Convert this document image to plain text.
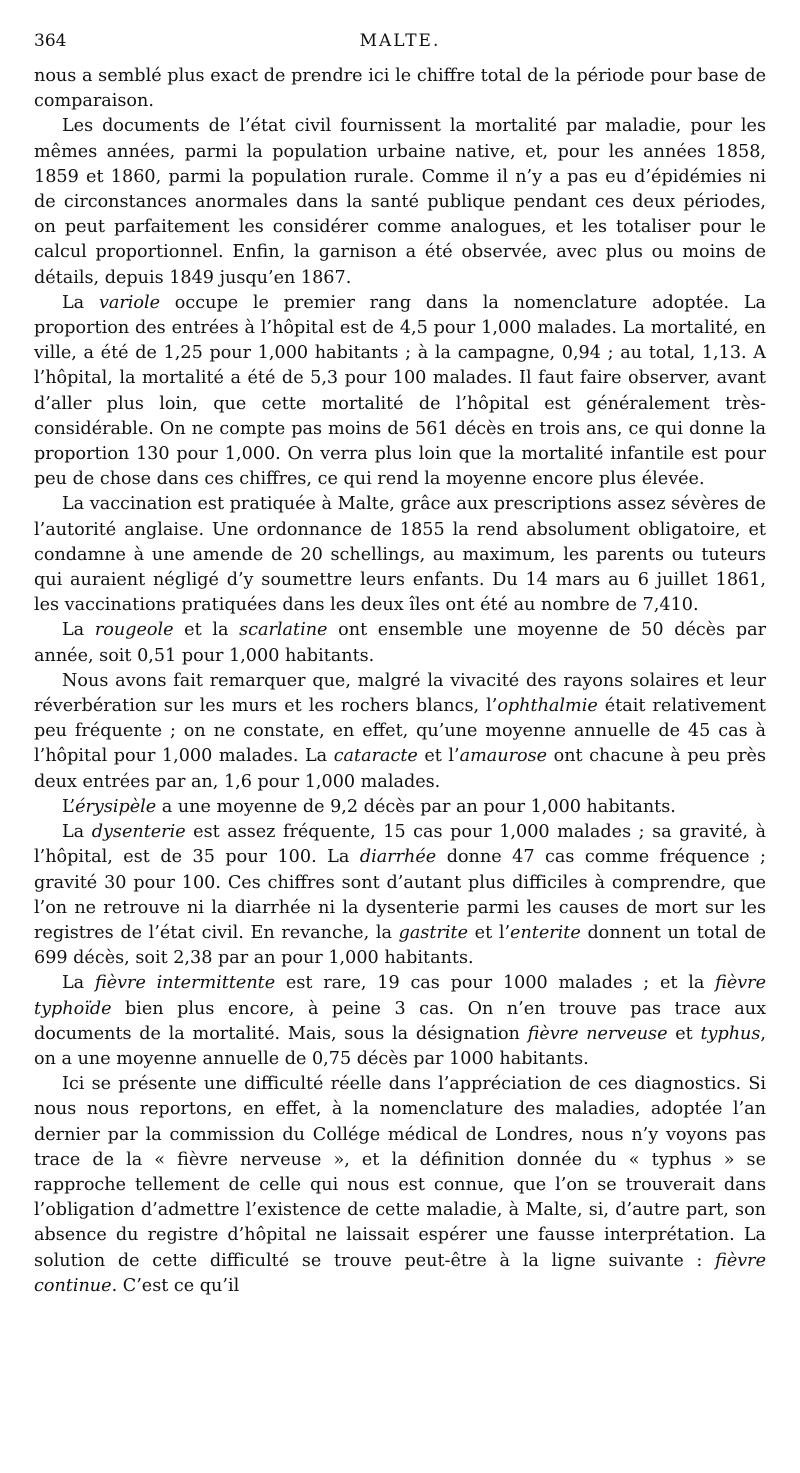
364	MALTE.

nous a semblé plus exact de prendre ici le chiffre total de la période pour base de comparaison.

Les documents de l’état civil fournissent la mortalité par maladie, pour les mêmes années, parmi la population urbaine native, et, pour les années 1858, 1859 et 1860, parmi la population rurale. Comme il n’y a pas eu d’épidémies ni de circonstances anormales dans la santé publique pendant ces deux périodes, on peut parfaitement les considérer comme analogues, et les totaliser pour le calcul proportionnel. Enfin, la garnison a été observée, avec plus ou moins de détails, depuis 1849 jusqu’en 1867.

La variole occupe le premier rang dans la nomenclature adoptée. La proportion des entrées à l’hôpital est de 4,5 pour 1,000 malades. La mortalité, en ville, a été de 1,25 pour 1,000 habitants ; à la campagne, 0,94 ; au total, 1,13. A l’hôpital, la mortalité a été de 5,3 pour 100 malades. Il faut faire observer, avant d’aller plus loin, que cette mortalité de l’hôpital est généralement très-considérable. On ne compte pas moins de 561 décès en trois ans, ce qui donne la proportion 130 pour 1,000. On verra plus loin que la mortalité infantile est pour peu de chose dans ces chiffres, ce qui rend la moyenne encore plus élevée.

La vaccination est pratiquée à Malte, grâce aux prescriptions assez sévères de l’autorité anglaise. Une ordonnance de 1855 la rend absolument obligatoire, et condamne à une amende de 20 schellings, au maximum, les parents ou tuteurs qui auraient négligé d’y soumettre leurs enfants. Du 14 mars au 6 juillet 1861, les vaccinations pratiquées dans les deux îles ont été au nombre de 7,410.

La rougeole et la scarlatine ont ensemble une moyenne de 50 décès par année, soit 0,51 pour 1,000 habitants.

Nous avons fait remarquer que, malgré la vivacité des rayons solaires et leur réverbération sur les murs et les rochers blancs, l’ophthalmie était relativement peu fréquente ; on ne constate, en effet, qu’une moyenne annuelle de 45 cas à l’hôpital pour 1,000 malades. La cataracte et l’amaurose ont chacune à peu près deux entrées par an, 1,6 pour 1,000 malades.

L’érysipèle a une moyenne de 9,2 décès par an pour 1,000 habitants.

La dysenterie est assez fréquente, 15 cas pour 1,000 malades ; sa gravité, à l’hôpital, est de 35 pour 100. La diarrhée donne 47 cas comme fréquence ; gravité 30 pour 100. Ces chiffres sont d’autant plus difficiles à comprendre, que l’on ne retrouve ni la diarrhée ni la dysenterie parmi les causes de mort sur les registres de l’état civil. En revanche, la gastrite et l’enterite donnent un total de 699 décès, soit 2,38 par an pour 1,000 habitants.

La fièvre intermittente est rare, 19 cas pour 1000 malades ; et la fièvre typhoïde bien plus encore, à peine 3 cas. On n’en trouve pas trace aux documents de la mortalité. Mais, sous la désignation fièvre nerveuse et typhus, on a une moyenne annuelle de 0,75 décès par 1000 habitants.

Ici se présente une difficulté réelle dans l’appréciation de ces diagnostics. Si nous nous reportons, en effet, à la nomenclature des maladies, adoptée l’an dernier par la commission du Collége médical de Londres, nous n’y voyons pas trace de la « fièvre nerveuse », et la définition donnée du « typhus » se rapproche tellement de celle qui nous est connue, que l’on se trouverait dans l’obligation d’admettre l’existence de cette maladie, à Malte, si, d’autre part, son absence du registre d’hôpital ne laissait espérer une fausse interprétation. La solution de cette difficulté se trouve peut-être à la ligne suivante : fièvre continue. C’est ce qu’il
